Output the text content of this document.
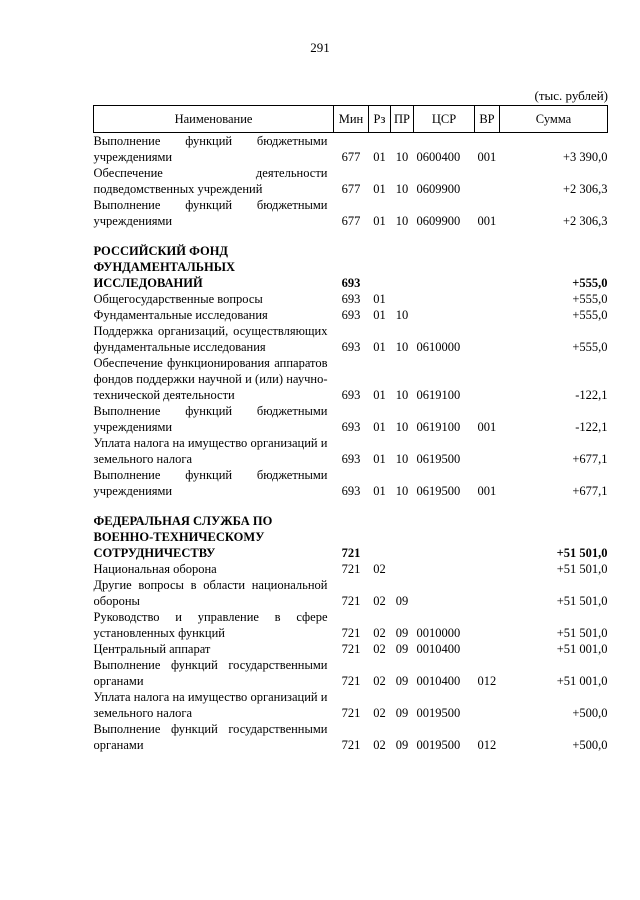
291
(тыс. рублей)
Наименование	Мин	Рз	ПР	ЦСР	ВР	Сумма
Выполнение функций бюджетными учреждениями	677	01	10	0600400	001	+3 390,0
Обеспечение деятельности подведомственных учреждений	677	01	10	0609900		+2 306,3
Выполнение функций бюджетными учреждениями	677	01	10	0609900	001	+2 306,3

РОССИЙСКИЙ ФОНД ФУНДАМЕНТАЛЬНЫХ ИССЛЕДОВАНИЙ	693					+555,0
Общегосударственные вопросы	693	01				+555,0
Фундаментальные исследования	693	01	10			+555,0
Поддержка организаций, осуществляющих фундаментальные исследования	693	01	10	0610000		+555,0
Обеспечение функционирования аппаратов фондов поддержки научной и (или) научно-технической деятельности	693	01	10	0619100		-122,1
Выполнение функций бюджетными учреждениями	693	01	10	0619100	001	-122,1
Уплата налога на имущество организаций и земельного налога	693	01	10	0619500		+677,1
Выполнение функций бюджетными учреждениями	693	01	10	0619500	001	+677,1

ФЕДЕРАЛЬНАЯ СЛУЖБА ПО ВОЕННО-ТЕХНИЧЕСКОМУ СОТРУДНИЧЕСТВУ	721					+51 501,0
Национальная оборона	721	02				+51 501,0
Другие вопросы в области национальной обороны	721	02	09			+51 501,0
Руководство и управление в сфере установленных функций	721	02	09	0010000		+51 501,0
Центральный аппарат	721	02	09	0010400		+51 001,0
Выполнение функций государственными органами	721	02	09	0010400	012	+51 001,0
Уплата налога на имущество организаций и земельного налога	721	02	09	0019500		+500,0
Выполнение функций государственными органами	721	02	09	0019500	012	+500,0
